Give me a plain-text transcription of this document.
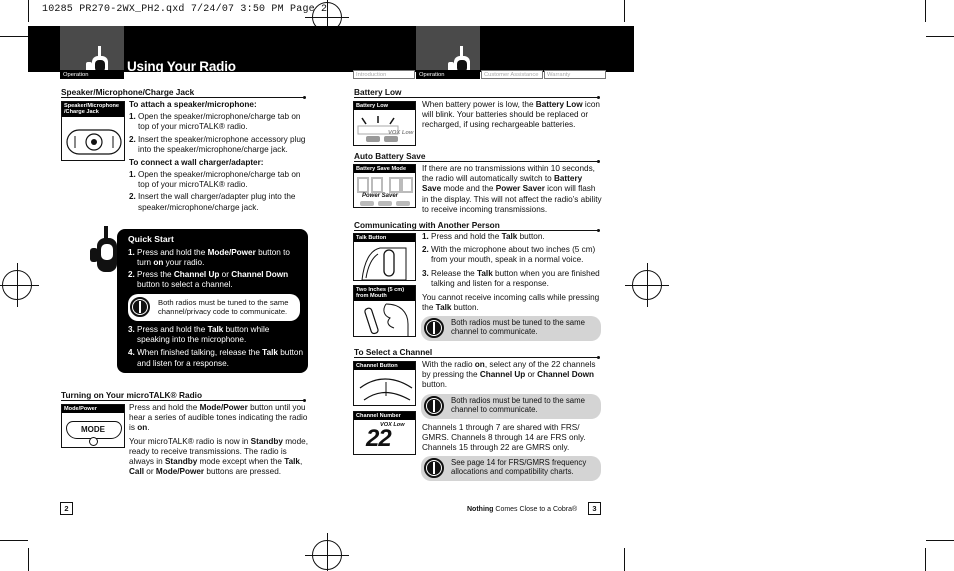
10285 PR270-2WX_PH2.qxd 7/24/07 3:50 PM Page 2
Using Your Radio
Operation	Introduction	Operation	Customer Assistance	Warranty
Speaker/Microphone/Charge Jack
Speaker/Microphone /Charge Jack
To attach a speaker/microphone:
1. Open the speaker/microphone/charge tab on top of your microTALK® radio.
2. Insert the speaker/microphone accessory plug into the speaker/microphone/charge jack.
To connect a wall charger/adapter:
1. Open the speaker/microphone/charge tab on top of your microTALK® radio.
2. Insert the wall charger/adapter plug into the speaker/microphone/charge jack.
Quick Start
1. Press and hold the Mode/Power button to turn on your radio.
2. Press the Channel Up or Channel Down button to select a channel.
Both radios must be tuned to the same channel/privacy code to communicate.
3. Press and hold the Talk button while speaking into the microphone.
4. When finished talking, release the Talk button and listen for a response.
Turning on Your microTALK® Radio
Mode/Power
MODE
Press and hold the Mode/Power button until you hear a series of audible tones indicating the radio is on.
Your microTALK® radio is now in Standby mode, ready to receive transmissions. The radio is always in Standby mode except when the Talk, Call or Mode/Power buttons are pressed.
2
Battery Low
Battery Low
VOX Low
When battery power is low, the Battery Low icon will blink. Your batteries should be replaced or recharged, if using rechargeable batteries.
Auto Battery Save
Battery Save Mode
Power Saver
If there are no transmissions within 10 seconds, the radio will automatically switch to Battery Save mode and the Power Saver icon will flash in the display. This will not affect the radio’s ability to receive incoming transmissions.
Communicating with Another Person
Talk Button
Two Inches (5 cm) from Mouth
1. Press and hold the Talk button.
2. With the microphone about two inches (5 cm) from your mouth, speak in a normal voice.
3. Release the Talk button when you are finished talking and listen for a response.
You cannot receive incoming calls while pressing the Talk button.
Both radios must be tuned to the same channel to communicate.
To Select a Channel
Channel Button
Channel Number
VOX Low
22
With the radio on, select any of the 22 channels by pressing the Channel Up or Channel Down button.
Both radios must be tuned to the same channel to communicate.
Channels 1 through 7 are shared with FRS/ GMRS. Channels 8 through 14 are FRS only. Channels 15 through 22 are GMRS only.
See page 14 for FRS/GMRS frequency allocations and compatibility charts.
Nothing Comes Close to a Cobra®	3
